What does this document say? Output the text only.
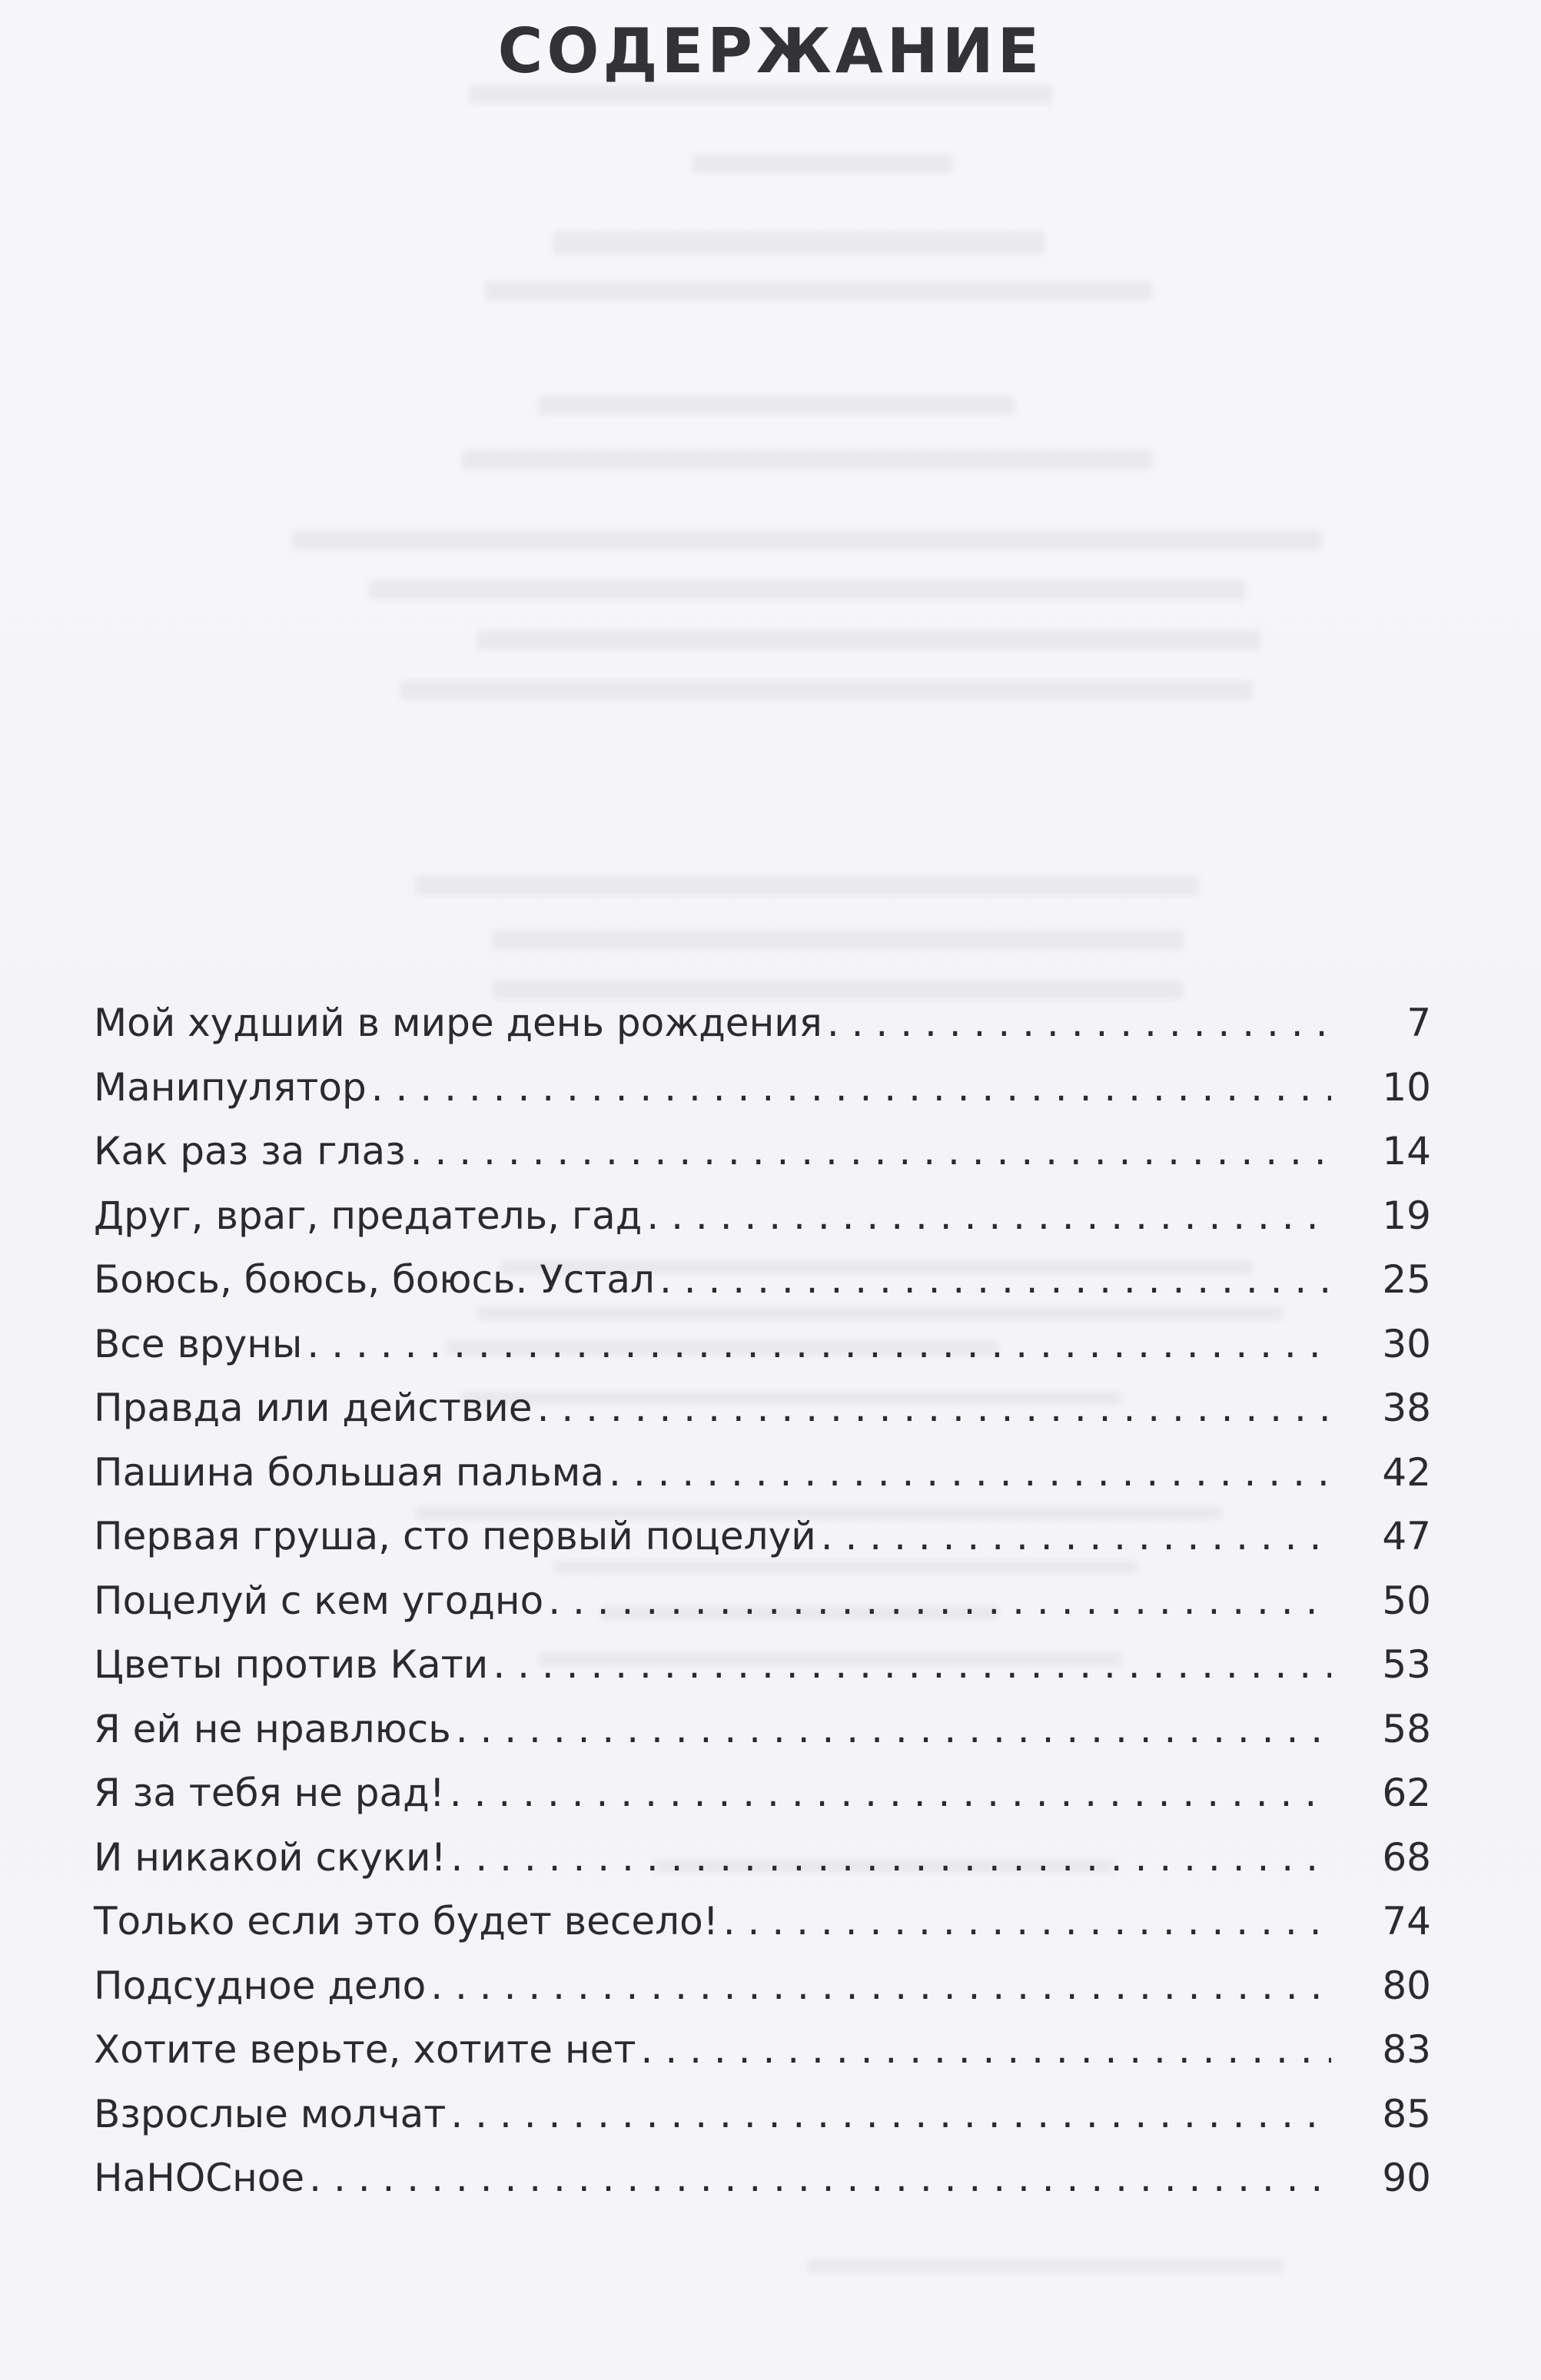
СОДЕРЖАНИЕ
Мой худший в мире день рождения . . .	7
Манипулятор . . .	10
Как раз за глаз . . .	14
Друг, враг, предатель, гад . . .	19
Боюсь, боюсь, боюсь. Устал . . .	25
Все вруны . . .	30
Правда или действие . . .	38
Пашина большая пальма . . .	42
Первая груша, сто первый поцелуй . . .	47
Поцелуй с кем угодно . . .	50
Цветы против Кати . . .	53
Я ей не нравлюсь . . .	58
Я за тебя не рад! . . .	62
И никакой скуки! . . .	68
Только если это будет весело! . . .	74
Подсудное дело . . .	80
Хотите верьте, хотите нет . . .	83
Взрослые молчат . . .	85
НаНОСное . . .	90
